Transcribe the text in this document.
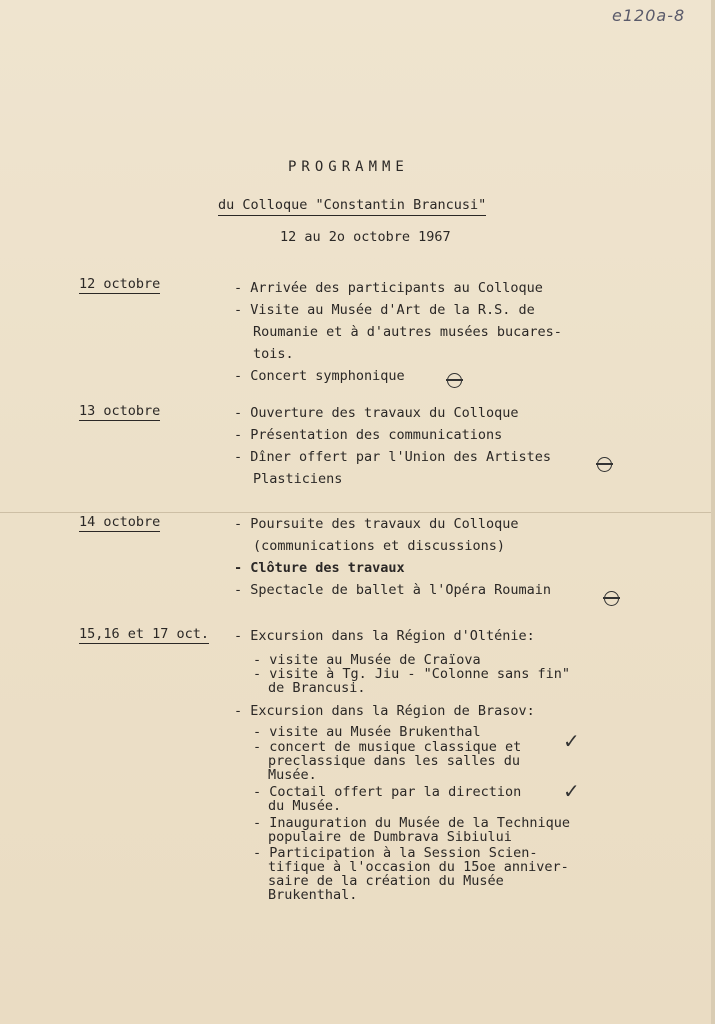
e120a-8
PROGRAMME
du Colloque "Constantin Brancusi"
12 au 2o octobre 1967
12 octobre	- Arrivée des participants au Colloque
- Visite au Musée d'Art de la R.S. de
Roumanie et à d'autres musées bucares-
tois.
- Concert symphonique
13 octobre	- Ouverture des travaux du Colloque
- Présentation des communications
- Dîner offert par l'Union des Artistes
Plasticiens
14 octobre	- Poursuite des travaux du Colloque
(communications et discussions)
- Clôture des travaux
- Spectacle de ballet à l'Opéra Roumain
15,16 et 17 oct. - Excursion dans la Région d'Olténie:
- visite au Musée de Craïova
- visite à Tg. Jiu - "Colonne sans fin"
de Brancusi.
- Excursion dans la Région de Brasov:
- visite au Musée Brukenthal
- concert de musique classique et
preclassique dans les salles du
Musée.
- Coctail offert par la direction
du Musée.
- Inauguration du Musée de la Technique
populaire de Dumbrava Sibiului
- Participation à la Session Scien-
tifique à l'occasion du 15oe anniver-
saire de la création du Musée
Brukenthal.
✓
✓
